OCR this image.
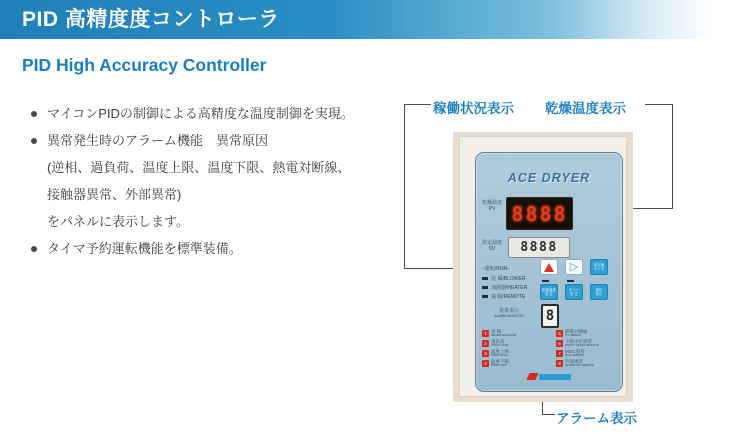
PID 高精度度コントローラ
PID High Accuracy Controller
マイコンPIDの制御による高精度な温度制御を実現。
異常発生時のアラーム機能　異常原因
(逆相、過負荷、温度上限、温度下限、熱電対断線、
接触器異常、外部異常)
をパネルに表示します。
タイマ予約運転機能を標準装備。
稼働状況表示 乾燥温度表示
アラーム表示
ACE DRYER
乾燥温度
PV 8888
設定温度
SV	8888
−運転/RUN−
送 風/BLOWER
加熱器/HEATER
遠 隔/REMOTE
▷	設定値
モニタ
乾燥温度
設 定
タイマ
設 定
運転
停止
異常表示
ALARM MONITOR	8
1 逆 相
REVERSE PHASE
2 過負荷
OVER LOAD
3 温度上限
TEMP HIGH
4 温度下限
TEMP LOW
5 熱電対断線
T.C. BREAK
6 下限水位異常
EMPTY LEVEL SENSOR
7 MGC異常
MGC ERROR
8 外部異常
ALARM OF REMOTE
